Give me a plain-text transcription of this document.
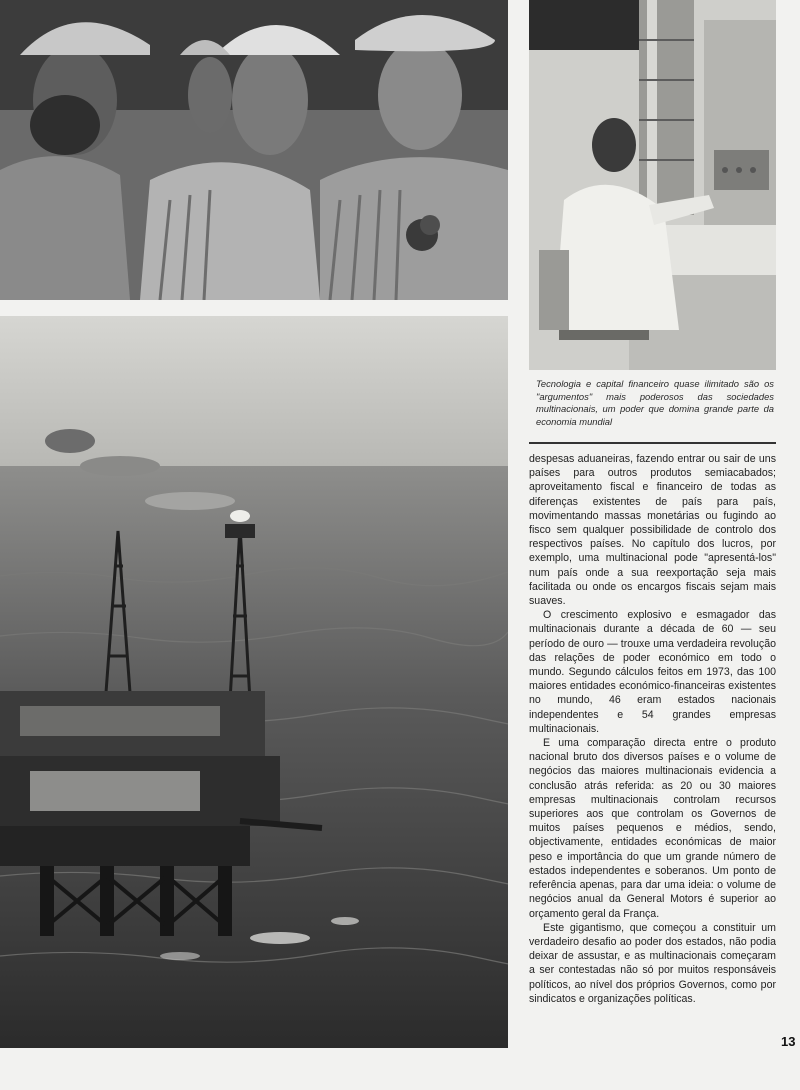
Tecnologia e capital financeiro quase ilimitado são os "argumentos" mais poderosos das sociedades multinacionais, um poder que domina grande parte da economia mundial

despesas aduaneiras, fazendo entrar ou sair de uns países para outros produtos semiacabados; aproveitamento fiscal e financeiro de todas as diferenças existentes de país para país, movimentando massas monetárias ou fugindo ao fisco sem qualquer possibilidade de controlo dos respectivos países. No capítulo dos lucros, por exemplo, uma multinacional pode "apresentá-los" num país onde a sua reexportação seja mais facilitada ou onde os encargos fiscais sejam mais suaves.

O crescimento explosivo e esmagador das multinacionais durante a década de 60 — seu período de ouro — trouxe uma verdadeira revolução das relações de poder económico em todo o mundo. Segundo cálculos feitos em 1973, das 100 maiores entidades económico-financeiras existentes no mundo, 46 eram estados nacionais independentes e 54 grandes empresas multinacionais.

E uma comparação directa entre o produto nacional bruto dos diversos países e o volume de negócios das maiores multinacionais evidencia a conclusão atrás referida: as 20 ou 30 maiores empresas multinacionais controlam recursos superiores aos que controlam os Governos de muitos países pequenos e médios, sendo, objectivamente, entidades económicas de maior peso e importância do que um grande número de estados independentes e soberanos. Um ponto de referência apenas, para dar uma ideia: o volume de negócios anual da General Motors é superior ao orçamento geral da França.

Este gigantismo, que começou a constituir um verdadeiro desafio ao poder dos estados, não podia deixar de assustar, e as multinacionais começaram a ser contestadas não só por muitos responsáveis políticos, ao nível dos próprios Governos, como por sindicatos e organizações políticas.

13
